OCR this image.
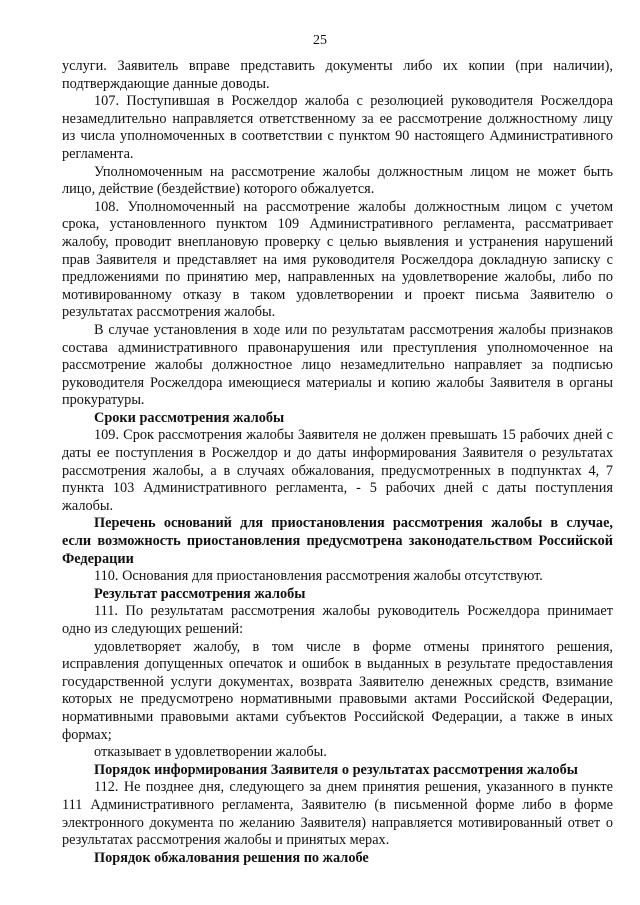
25

услуги. Заявитель вправе представить документы либо их копии (при наличии), подтверждающие данные доводы.

107. Поступившая в Росжелдор жалоба с резолюцией руководителя Росжелдора незамедлительно направляется ответственному за ее рассмотрение должностному лицу из числа уполномоченных в соответствии с пунктом 90 настоящего Административного регламента.

Уполномоченным на рассмотрение жалобы должностным лицом не может быть лицо, действие (бездействие) которого обжалуется.

108. Уполномоченный на рассмотрение жалобы должностным лицом с учетом срока, установленного пунктом 109 Административного регламента, рассматривает жалобу, проводит внеплановую проверку с целью выявления и устранения нарушений прав Заявителя и представляет на имя руководителя Росжелдора докладную записку с предложениями по принятию мер, направленных на удовлетворение жалобы, либо по мотивированному отказу в таком удовлетворении и проект письма Заявителю о результатах рассмотрения жалобы.

В случае установления в ходе или по результатам рассмотрения жалобы признаков состава административного правонарушения или преступления уполномоченное на рассмотрение жалобы должностное лицо незамедлительно направляет за подписью руководителя Росжелдора имеющиеся материалы и копию жалобы Заявителя в органы прокуратуры.

Сроки рассмотрения жалобы

109. Срок рассмотрения жалобы Заявителя не должен превышать 15 рабочих дней с даты ее поступления в Росжелдор и до даты информирования Заявителя о результатах рассмотрения жалобы, а в случаях обжалования, предусмотренных в подпунктах 4, 7 пункта 103 Административного регламента, - 5 рабочих дней с даты поступления жалобы.

Перечень оснований для приостановления рассмотрения жалобы в случае, если возможность приостановления предусмотрена законодательством Российской Федерации

110. Основания для приостановления рассмотрения жалобы отсутствуют.

Результат рассмотрения жалобы

111. По результатам рассмотрения жалобы руководитель Росжелдора принимает одно из следующих решений:

удовлетворяет жалобу, в том числе в форме отмены принятого решения, исправления допущенных опечаток и ошибок в выданных в результате предоставления государственной услуги документах, возврата Заявителю денежных средств, взимание которых не предусмотрено нормативными правовыми актами Российской Федерации, нормативными правовыми актами субъектов Российской Федерации, а также в иных формах;

отказывает в удовлетворении жалобы.

Порядок информирования Заявителя о результатах рассмотрения жалобы

112. Не позднее дня, следующего за днем принятия решения, указанного в пункте 111 Административного регламента, Заявителю (в письменной форме либо в форме электронного документа по желанию Заявителя) направляется мотивированный ответ о результатах рассмотрения жалобы и принятых мерах.

Порядок обжалования решения по жалобе
